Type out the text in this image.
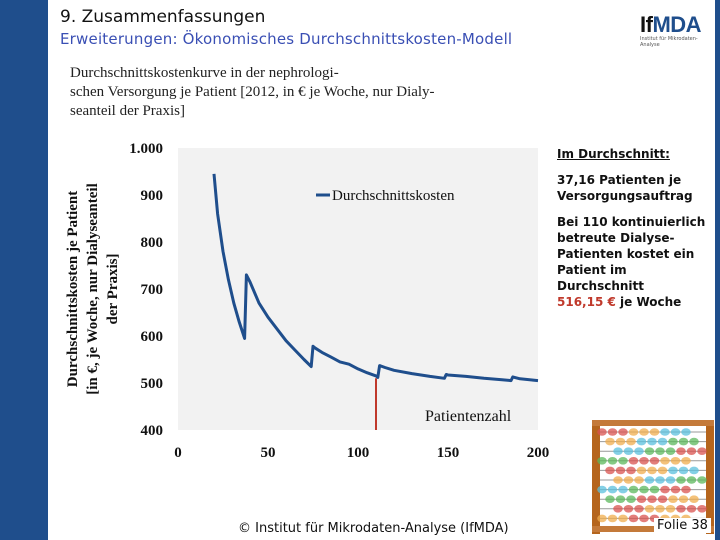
9. Zusammenfassungen
Erweiterungen: Ökonomisches Durchschnittskosten-Modell
IfMDA
Institut für Mikrodaten-Analyse
Durchschnittskostenkurve in der nephrologi-
schen Versorgung je Patient [2012, in € je Woche, nur Dialy-
seanteil der Praxis]
400
500
600
700
800
900
1.000
0	50	100	150	200
Durchschnittskosten je Patient [in €, je Woche, nur Dialyseanteil der Praxis]
Durchschnittskosten
Patientenzahl

Im Durchschnitt:

37,16 Patienten je Versorgungsauftrag

Bei 110 kontinuierlich betreute Dialyse-Patienten kostet ein Patient im Durchschnitt
516,15 € je Woche

© Institut für Mikrodaten-Analyse (IfMDA)	Folie 38
